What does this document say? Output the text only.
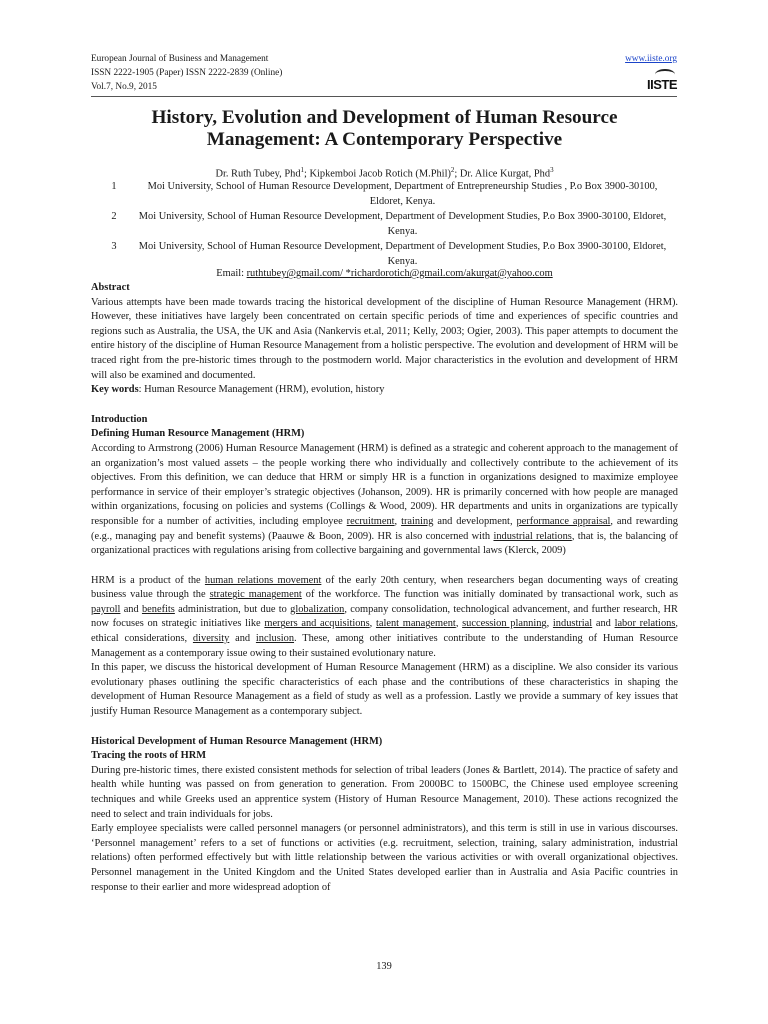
European Journal of Business and Management
ISSN 2222-1905 (Paper) ISSN 2222-2839 (Online)
Vol.7, No.9, 2015
www.iiste.org
IISTE
History, Evolution and Development of Human Resource
Management: A Contemporary Perspective
Dr. Ruth Tubey, Phd$^1$; Kipkemboi Jacob Rotich (M.Phil)$^2$; Dr. Alice Kurgat, Phd$^3$
1	Moi University, School of Human Resource Development, Department of Entrepreneurship Studies , P.o Box 3900-30100, Eldoret, Kenya.
2	Moi University, School of Human Resource Development, Department of Development Studies, P.o Box 3900-30100, Eldoret, Kenya.
3	Moi University, School of Human Resource Development, Department of Development Studies, P.o Box 3900-30100, Eldoret, Kenya.
Email: ruthtubey@gmail.com/ *richardorotich@gmail.com/akurgat@yahoo.com

Abstract

Various attempts have been made towards tracing the historical development of the discipline of Human Resource Management (HRM). However, these initiatives have largely been concentrated on certain specific periods of time and experiences of specific countries and regions such as Australia, the USA, the UK and Asia (Nankervis et.al, 2011; Kelly, 2003; Ogier, 2003). This paper attempts to document the entire history of the discipline of Human Resource Management from a holistic perspective. The evolution and development of HRM will be traced right from the pre-historic times through to the postmodern world. Major characteristics in the evolution and development of HRM will also be examined and documented.

Key words: Human Resource Management (HRM), evolution, history

Introduction

Defining Human Resource Management (HRM)

According to Armstrong (2006) Human Resource Management (HRM) is defined as a strategic and coherent approach to the management of an organization’s most valued assets – the people working there who individually and collectively contribute to the achievement of its objectives. From this definition, we can deduce that HRM or simply HR is a function in organizations designed to maximize employee performance in service of their employer’s strategic objectives (Johanson, 2009). HR is primarily concerned with how people are managed within organizations, focusing on policies and systems (Collings & Wood, 2009). HR departments and units in organizations are typically responsible for a number of activities, including employee recruitment, training and development, performance appraisal, and rewarding (e.g., managing pay and benefit systems) (Paauwe & Boon, 2009). HR is also concerned with industrial relations, that is, the balancing of organizational practices with regulations arising from collective bargaining and governmental laws (Klerck, 2009)

HRM is a product of the human relations movement of the early 20th century, when researchers began documenting ways of creating business value through the strategic management of the workforce. The function was initially dominated by transactional work, such as payroll and benefits administration, but due to globalization, company consolidation, technological advancement, and further research, HR now focuses on strategic initiatives like mergers and acquisitions, talent management, succession planning, industrial and labor relations, ethical considerations, diversity and inclusion. These, among other initiatives contribute to the understanding of Human Resource Management as a contemporary issue owing to their sustained evolutionary nature.

In this paper, we discuss the historical development of Human Resource Management (HRM) as a discipline. We also consider its various evolutionary phases outlining the specific characteristics of each phase and the contributions of these characteristics in shaping the development of Human Resource Management as a field of study as well as a profession. Lastly we provide a summary of key issues that justify Human Resource Management as a contemporary subject.

Historical Development of Human Resource Management (HRM)

Tracing the roots of HRM

During pre-historic times, there existed consistent methods for selection of tribal leaders (Jones & Bartlett, 2014). The practice of safety and health while hunting was passed on from generation to generation. From 2000BC to 1500BC, the Chinese used employee screening techniques and while Greeks used an apprentice system (History of Human Resource Management, 2010). These actions recognized the need to select and train individuals for jobs.

Early employee specialists were called personnel managers (or personnel administrators), and this term is still in use in various discourses. ‘Personnel management’ refers to a set of functions or activities (e.g. recruitment, selection, training, salary administration, industrial relations) often performed effectively but with little relationship between the various activities or with overall organizational objectives. Personnel management in the United Kingdom and the United States developed earlier than in Australia and Asia Pacific countries in response to their earlier and more widespread adoption of

139
